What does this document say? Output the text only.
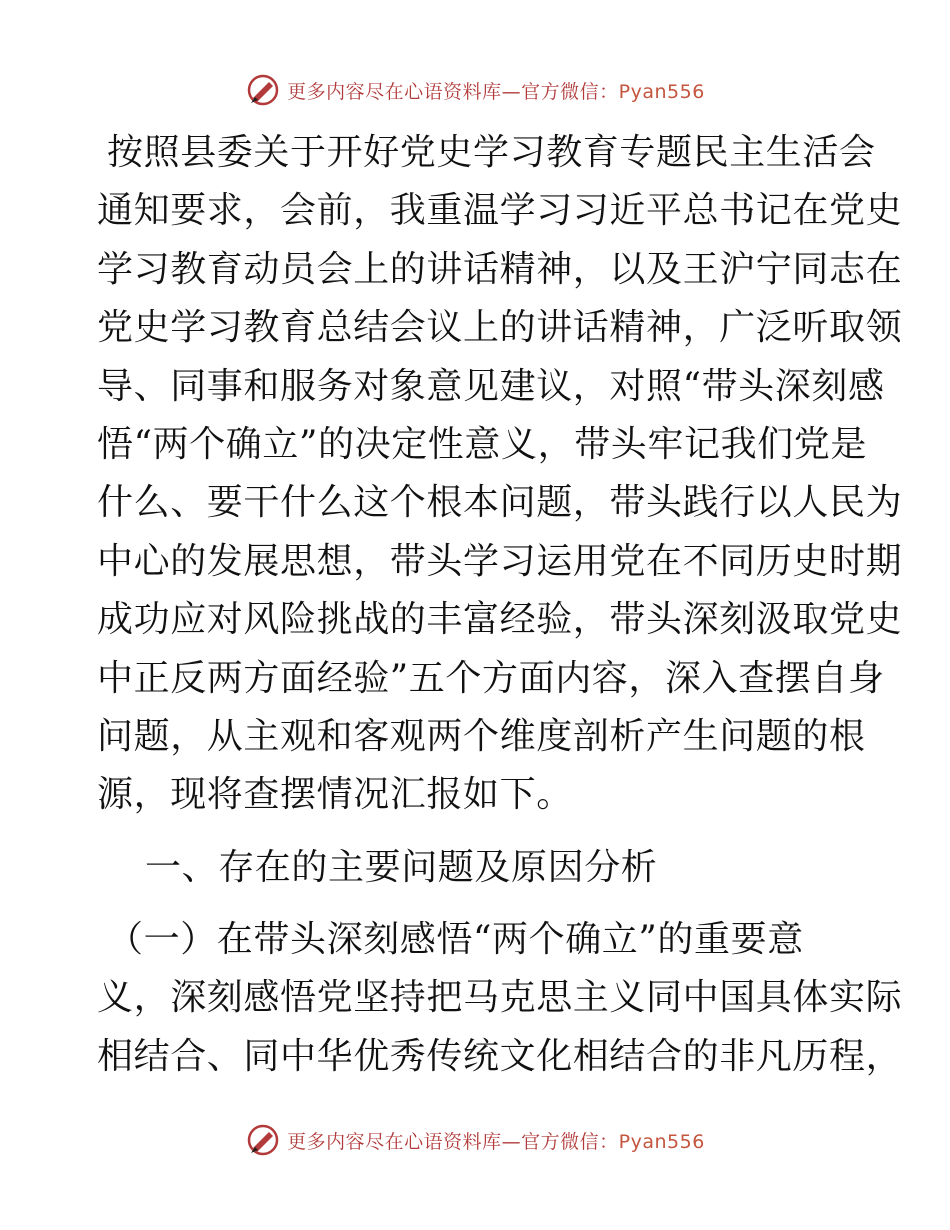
更多内容尽在心语资料库—官方微信：Pyan556
按照县委关于开好党史学习教育专题民主生活会
通知要求，会前，我重温学习习近平总书记在党史
学习教育动员会上的讲话精神，以及王沪宁同志在
党史学习教育总结会议上的讲话精神，广泛听取领
导、同事和服务对象意见建议，对照“带头深刻感
悟“两个确立”的决定性意义，带头牢记我们党是
什么、要干什么这个根本问题，带头践行以人民为
中心的发展思想，带头学习运用党在不同历史时期
成功应对风险挑战的丰富经验，带头深刻汲取党史
中正反两方面经验”五个方面内容，深入查摆自身
问题，从主观和客观两个维度剖析产生问题的根
源，现将查摆情况汇报如下。
一、存在的主要问题及原因分析
（一）在带头深刻感悟“两个确立”的重要意
义，深刻感悟党坚持把马克思主义同中国具体实际
相结合、同中华优秀传统文化相结合的非凡历程，
更多内容尽在心语资料库—官方微信：Pyan556
